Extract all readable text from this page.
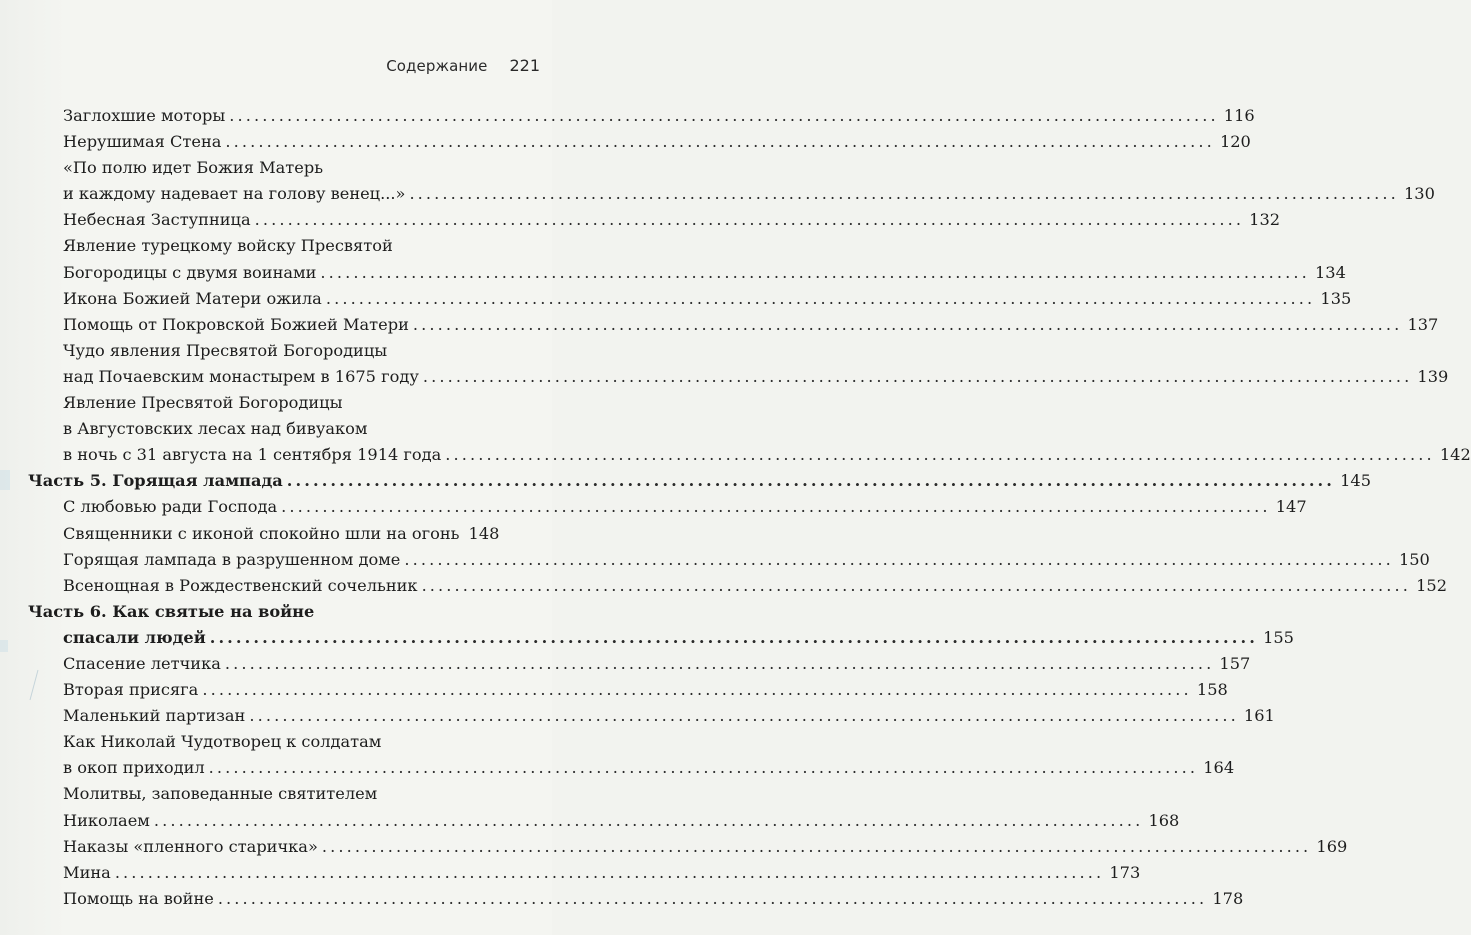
Содержание 221
Заглохшие моторы ........................................................................................................................ 116
Нерушимая Стена ........................................................................................................................ 120
«По полю идет Божия Матерь
и каждому надевает на голову венец...» ........................................................................................................................ 130
Небесная Заступница ........................................................................................................................ 132
Явление турецкому войску Пресвятой
Богородицы с двумя воинами ........................................................................................................................ 134
Икона Божией Матери ожила ........................................................................................................................ 135
Помощь от Покровской Божией Матери ........................................................................................................................ 137
Чудо явления Пресвятой Богородицы
над Почаевским монастырем в 1675 году ........................................................................................................................ 139
Явление Пресвятой Богородицы
в Августовских лесах над бивуаком
в ночь с 31 августа на 1 сентября 1914 года ........................................................................................................................ 142
Часть 5. Горящая лампада ........................................................................................................................ 145
С любовью ради Господа ........................................................................................................................ 147
Священники с иконой спокойно шли на огонь 148
Горящая лампада в разрушенном доме ........................................................................................................................ 150
Всенощная в Рождественский сочельник ........................................................................................................................ 152
Часть 6. Как святые на войне
спасали людей ........................................................................................................................ 155
Спасение летчика ........................................................................................................................ 157
Вторая присяга ........................................................................................................................ 158
Маленький партизан ........................................................................................................................ 161
Как Николай Чудотворец к солдатам
в окоп приходил ........................................................................................................................ 164
Молитвы, заповеданные святителем
Николаем ........................................................................................................................ 168
Наказы «пленного старичка» ........................................................................................................................ 169
Мина ........................................................................................................................ 173
Помощь на войне ........................................................................................................................ 178
